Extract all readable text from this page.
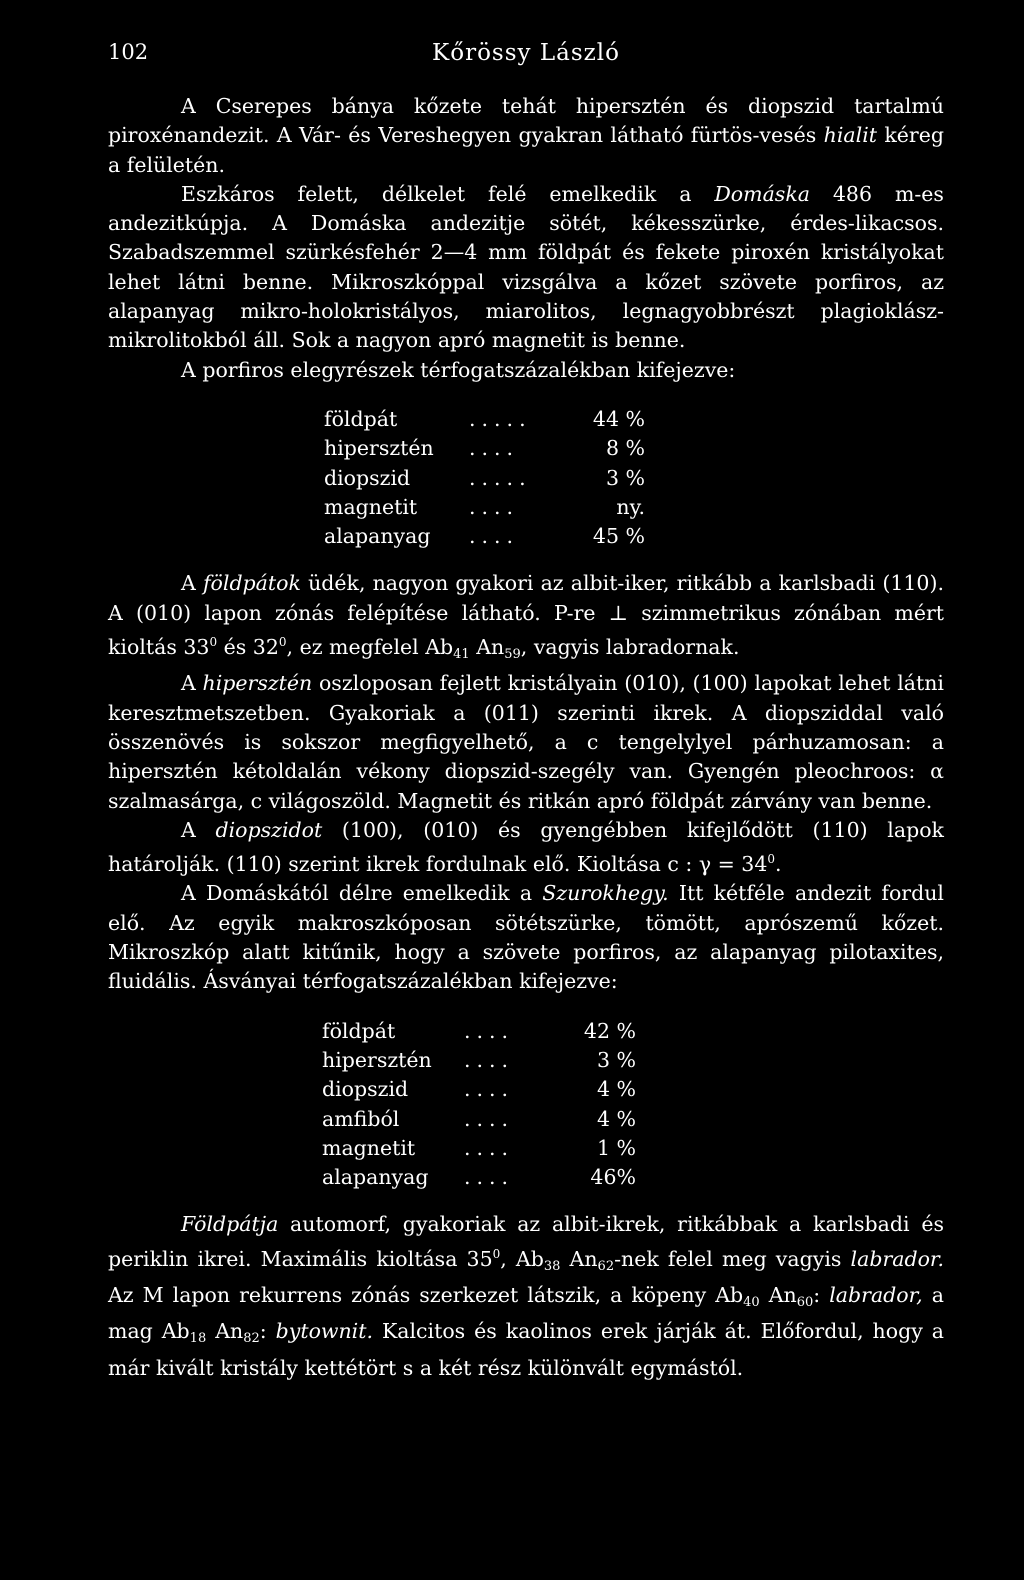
102	Kőrössy László

A Cserepes bánya kőzete tehát hipersztén és diopszid tartalmú piroxénandezit. A Vár- és Vereshegyen gyakran látható fürtös-vesés hialit kéreg a felületén.

Eszkáros felett, délkelet felé emelkedik a Domáska 486 m-es andezitkúpja. A Domáska andezitje sötét, kékesszürke, érdes-likacsos. Szabadszemmel szürkésfehér 2—4 mm földpát és fekete piroxén kristályokat lehet látni benne. Mikroszkóppal vizsgálva a kőzet szövete porfiros, az alapanyag mikro-holokristályos, miarolitos, legnagyobbrészt plagioklász-mikrolitokból áll. Sok a nagyon apró magnetit is benne.

A porfiros elegyrészek térfogatszázalékban kifejezve:

földpát	.....	44 %
hipersztén	....	8 %
diopszid	.....	3 %
magnetit	....	ny.
alapanyag	....	45 %

A földpátok üdék, nagyon gyakori az albit-iker, ritkább a karlsbadi (110). A (010) lapon zónás felépítése látható. P-re ⊥ szimmetrikus zónában mért kioltás $33^0$ és $32^0$, ez megfelel $Ab_{41}$ $An_{59}$, vagyis labradornak.

A hipersztén oszloposan fejlett kristályain (010), (100) lapokat lehet látni keresztmetszetben. Gyakoriak a (011) szerinti ikrek. A diopsziddal való összenövés is sokszor megfigyelhető, a c tengelylyel párhuzamosan: a hipersztén kétoldalán vékony diopszid-szegély van. Gyengén pleochroos: α szalmasárga, c világoszöld. Magnetit és ritkán apró földpát zárvány van benne.

A diopszidot (100), (010) és gyengébben kifejlődött (110) lapok határolják. (110) szerint ikrek fordulnak elő. Kioltása c : $\gamma = 34^0$.

A Domáskától délre emelkedik a Szurokhegy. Itt kétféle andezit fordul elő. Az egyik makroszkóposan sötétszürke, tömött, aprószemű kőzet. Mikroszkóp alatt kitűnik, hogy a szövete porfiros, az alapanyag pilotaxites, fluidális. Ásványai térfogatszázalékban kifejezve:

földpát	....	42 %
hipersztén	....	3 %
diopszid	....	4 %
amfiból	....	4 %
magnetit	....	1 %
alapanyag	....	46%

Földpátja automorf, gyakoriak az albit-ikrek, ritkábbak a karlsbadi és periklin ikrei. Maximális kioltása $35^0$, $Ab_{38}$ $An_{62}$-nek felel meg vagyis labrador. Az M lapon rekurrens zónás szerkezet látszik, a köpeny $Ab_{40}$ $An_{60}$: labrador, a mag $Ab_{18}$ $An_{82}$: bytownit. Kalcitos és kaolinos erek járják át. Előfordul, hogy a már kivált kristály kettétört s a két rész különvált egymástól.
